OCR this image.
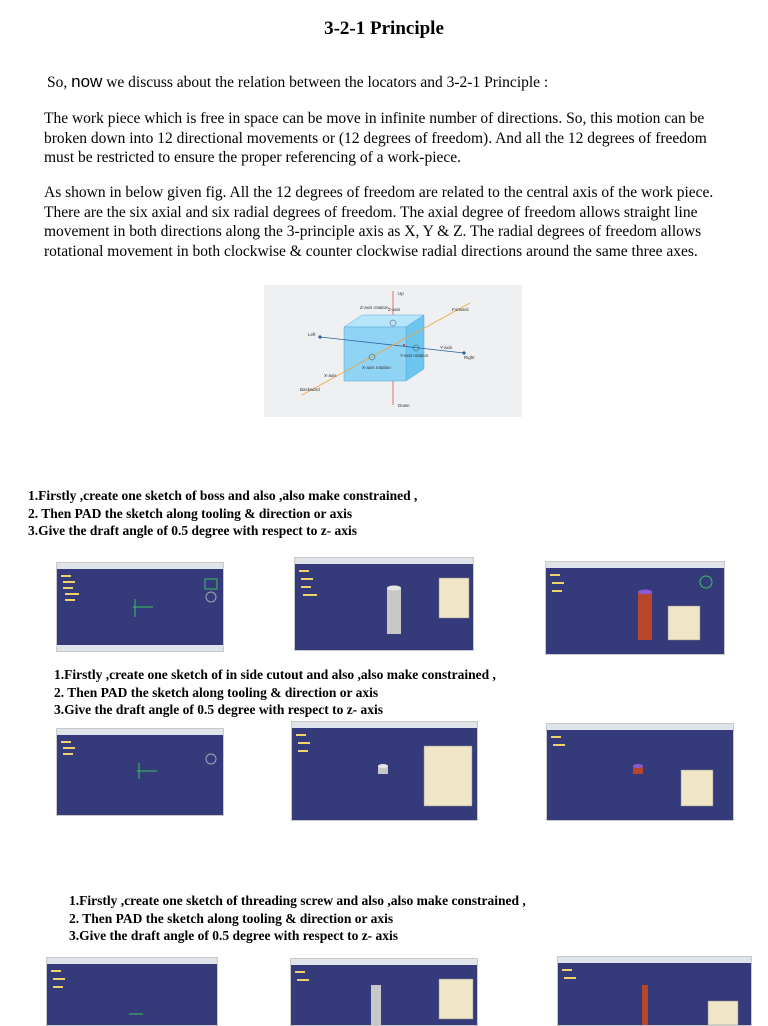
3-2-1 Principle
So, now we discuss about the relation between the locators and 3-2-1 Principle :
The work piece which is free in space can be move in infinite number of directions. So, this motion can be broken down into 12 directional movements or (12 degrees of freedom). And all the 12 degrees of freedom must be restricted to ensure the proper referencing of a work-piece.
As shown in below given fig. All the 12 degrees of freedom are related to the central axis of the work piece. There are the six axial and six radial degrees of freedom. The axial degree of freedom allows straight line movement in both directions along the 3-principle axis as X, Y & Z. The radial degrees of freedom allows rotational movement in both clockwise & counter clockwise radial directions around the same three axes.
Up
Down
Left
Right
Forward
Backward
Z-axis
Y-axis
X-axis
Z-axis rotation
Y-axis rotation
X-axis rotation
1.Firstly ,create one sketch of boss and also ,also make constrained ,
2. Then PAD the sketch along tooling & direction or axis
3.Give the draft angle of 0.5 degree with respect to z- axis
1.Firstly ,create one sketch of in side cutout and also ,also make constrained ,
2. Then PAD the sketch along tooling & direction or axis
3.Give the draft angle of 0.5 degree with respect to z- axis
1.Firstly ,create one sketch of threading screw and also ,also make constrained ,
2. Then PAD the sketch along tooling & direction or axis
3.Give the draft angle of 0.5 degree with respect to z- axis
